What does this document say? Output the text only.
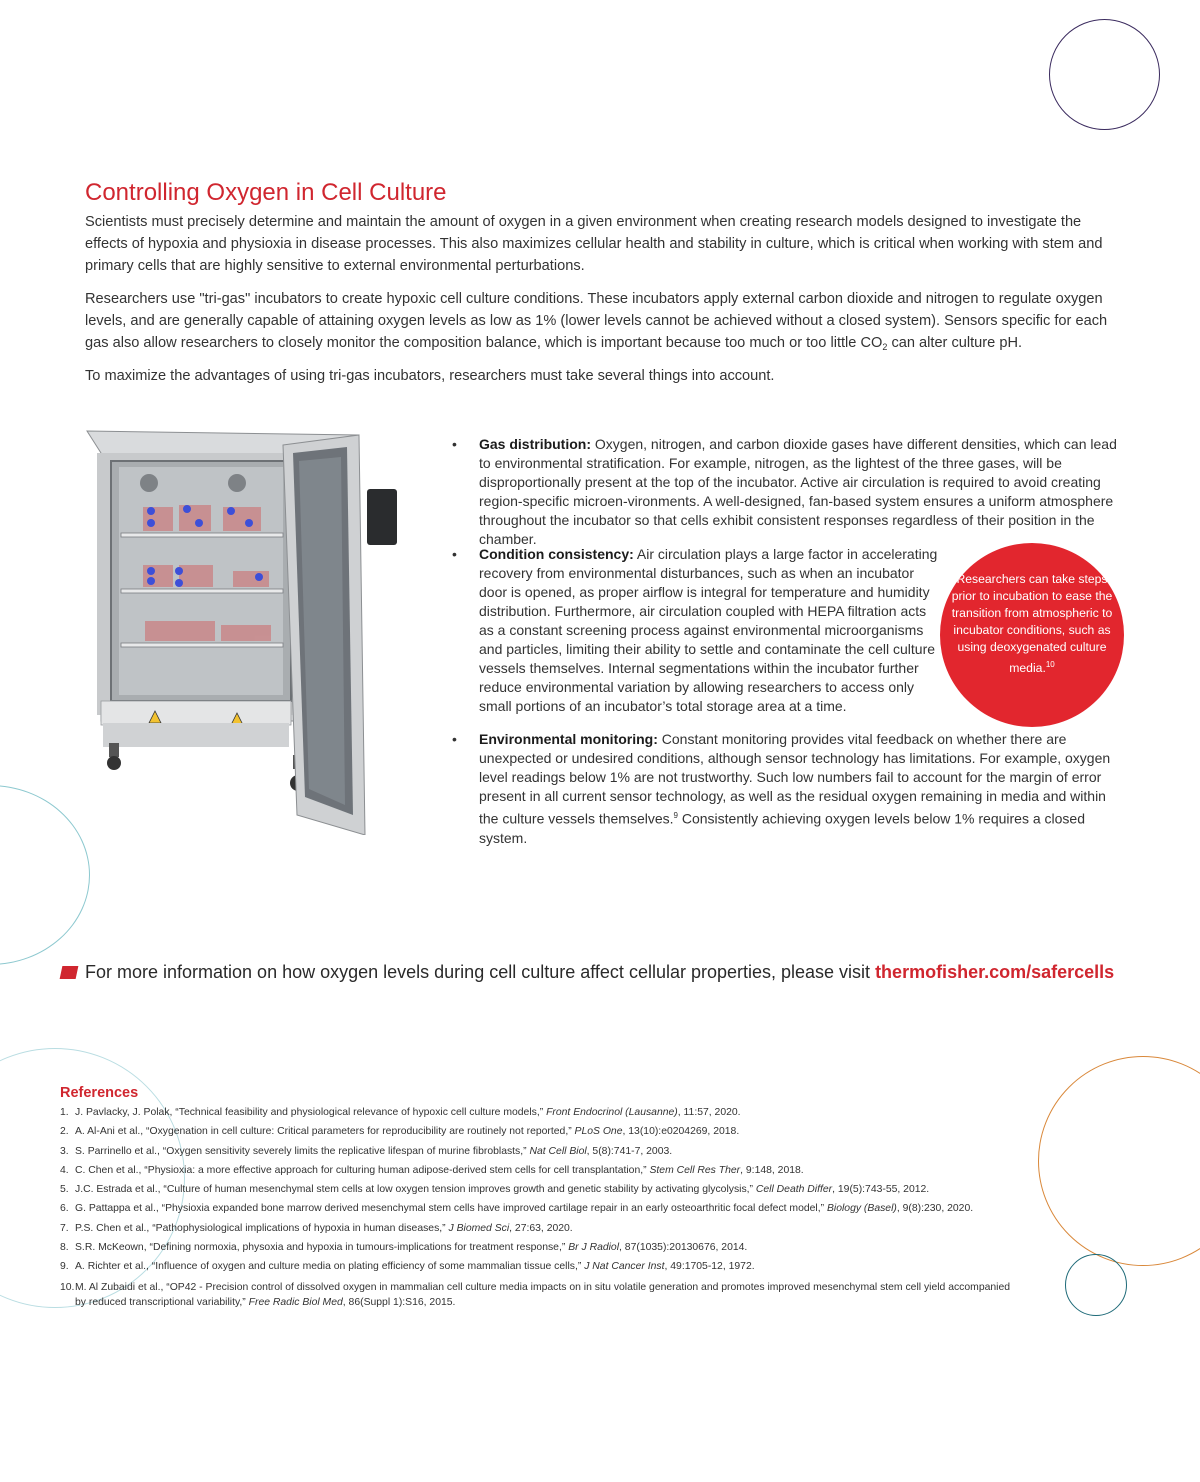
Controlling Oxygen in Cell Culture

Scientists must precisely determine and maintain the amount of oxygen in a given environment when creating research models designed to investigate the effects of hypoxia and physioxia in disease processes. This also maximizes cellular health and stability in culture, which is critical when working with stem and primary cells that are highly sensitive to external environmental perturbations.

Researchers use "tri-gas" incubators to create hypoxic cell culture conditions. These incubators apply external carbon dioxide and nitrogen to regulate oxygen levels, and are generally capable of attaining oxygen levels as low as 1% (lower levels cannot be achieved without a closed system). Sensors specific for each gas also allow researchers to closely monitor the composition balance, which is important because too much or too little $CO_2$ can alter culture pH.

To maximize the advantages of using tri-gas incubators, researchers must take several things into account.

• Gas distribution: Oxygen, nitrogen, and carbon dioxide gases have different densities, which can lead to environmental stratification. For example, nitrogen, as the lightest of the three gases, will be disproportionally present at the top of the incubator. Active air circulation is required to avoid creating region-specific microen-vironments. A well-designed, fan-based system ensures a uniform atmosphere throughout the incubator so that cells exhibit consistent responses regardless of their position in the chamber.

• Condition consistency: Air circulation plays a large factor in accelerating recovery from environmental disturbances, such as when an incubator door is opened, as proper airflow is integral for temperature and humidity distribution. Furthermore, air circulation coupled with HEPA filtration acts as a constant screening process against environmental microorganisms and particles, limiting their ability to settle and contaminate the cell culture vessels themselves. Internal segmentations within the incubator further reduce environmental variation by allowing researchers to access only small portions of an incubator’s total storage area at a time.

Researchers can take steps prior to incubation to ease the transition from atmospheric to incubator conditions, such as using deoxygenated culture media.$^{10}$

• Environmental monitoring: Constant monitoring provides vital feedback on whether there are unexpected or undesired conditions, although sensor technology has limitations. For example, oxygen level readings below 1% are not trustworthy. Such low numbers fail to account for the margin of error present in all current sensor technology, as well as the residual oxygen remaining in media and within the culture vessels themselves.$^9$ Consistently achieving oxygen levels below 1% requires a closed system.

For more information on how oxygen levels during cell culture affect cellular properties, please visit thermofisher.com/safercells
References
1. J. Pavlacky, J. Polak, “Technical feasibility and physiological relevance of hypoxic cell culture models,” Front Endocrinol (Lausanne), 11:57, 2020.
2. A. Al-Ani et al., “Oxygenation in cell culture: Critical parameters for reproducibility are routinely not reported,” PLoS One, 13(10):e0204269, 2018.
3. S. Parrinello et al., “Oxygen sensitivity severely limits the replicative lifespan of murine fibroblasts,” Nat Cell Biol, 5(8):741-7, 2003.
4. C. Chen et al., “Physioxia: a more effective approach for culturing human adipose-derived stem cells for cell transplantation,” Stem Cell Res Ther, 9:148, 2018.
5. J.C. Estrada et al., “Culture of human mesenchymal stem cells at low oxygen tension improves growth and genetic stability by activating glycolysis,” Cell Death Differ, 19(5):743-55, 2012.
6. G. Pattappa et al., “Physioxia expanded bone marrow derived mesenchymal stem cells have improved cartilage repair in an early osteoarthritic focal defect model,” Biology (Basel), 9(8):230, 2020.
7. P.S. Chen et al., “Pathophysiological implications of hypoxia in human diseases,” J Biomed Sci, 27:63, 2020.
8. S.R. McKeown, “Defining normoxia, physoxia and hypoxia in tumours-implications for treatment response,” Br J Radiol, 87(1035):20130676, 2014.
9. A. Richter et al., “Influence of oxygen and culture media on plating efficiency of some mammalian tissue cells,” J Nat Cancer Inst, 49:1705-12, 1972.
10. M. Al Zubaidi et al., “OP42 - Precision control of dissolved oxygen in mammalian cell culture media impacts on in situ volatile generation and promotes improved mesenchymal stem cell yield accompanied by reduced transcriptional variability,” Free Radic Biol Med, 86(Suppl 1):S16, 2015.
